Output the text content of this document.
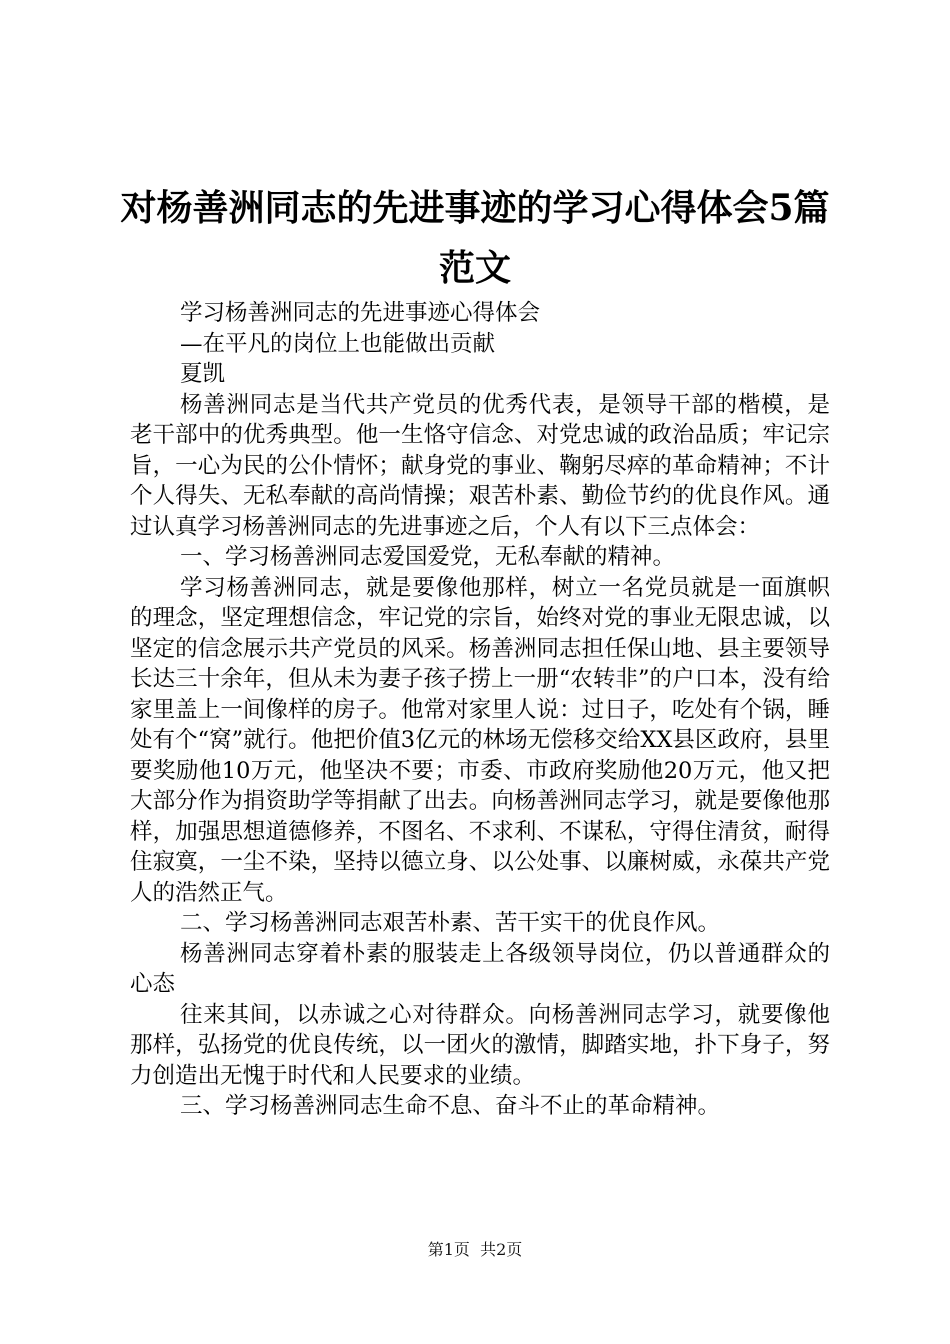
对杨善洲同志的先进事迹的学习心得体会5篇
范文

学习杨善洲同志的先进事迹心得体会

—在平凡的岗位上也能做出贡献

夏凯

杨善洲同志是当代共产党员的优秀代表，是领导干部的楷模，是老干部中的优秀典型。他一生恪守信念、对党忠诚的政治品质；牢记宗旨，一心为民的公仆情怀；献身党的事业、鞠躬尽瘁的革命精神；不计个人得失、无私奉献的高尚情操；艰苦朴素、勤俭节约的优良作风。通过认真学习杨善洲同志的先进事迹之后，个人有以下三点体会：

一、学习杨善洲同志爱国爱党，无私奉献的精神。

学习杨善洲同志，就是要像他那样，树立一名党员就是一面旗帜的理念，坚定理想信念，牢记党的宗旨，始终对党的事业无限忠诚，以坚定的信念展示共产党员的风采。杨善洲同志担任保山地、县主要领导长达三十余年，但从未为妻子孩子捞上一册“农转非”的户口本，没有给家里盖上一间像样的房子。他常对家里人说：过日子，吃处有个锅，睡处有个“窝”就行。他把价值3亿元的林场无偿移交给XX县区政府，县里要奖励他10万元，他坚决不要；市委、市政府奖励他20万元，他又把大部分作为捐资助学等捐献了出去。向杨善洲同志学习，就是要像他那样，加强思想道德修养，不图名、不求利、不谋私，守得住清贫，耐得住寂寞，一尘不染，坚持以德立身、以公处事、以廉树威，永葆共产党人的浩然正气。

二、学习杨善洲同志艰苦朴素、苦干实干的优良作风。

杨善洲同志穿着朴素的服装走上各级领导岗位，仍以普通群众的心态

往来其间，以赤诚之心对待群众。向杨善洲同志学习，就要像他那样，弘扬党的优良传统，以一团火的激情，脚踏实地，扑下身子，努力创造出无愧于时代和人民要求的业绩。

三、学习杨善洲同志生命不息、奋斗不止的革命精神。

第1页  共2页
